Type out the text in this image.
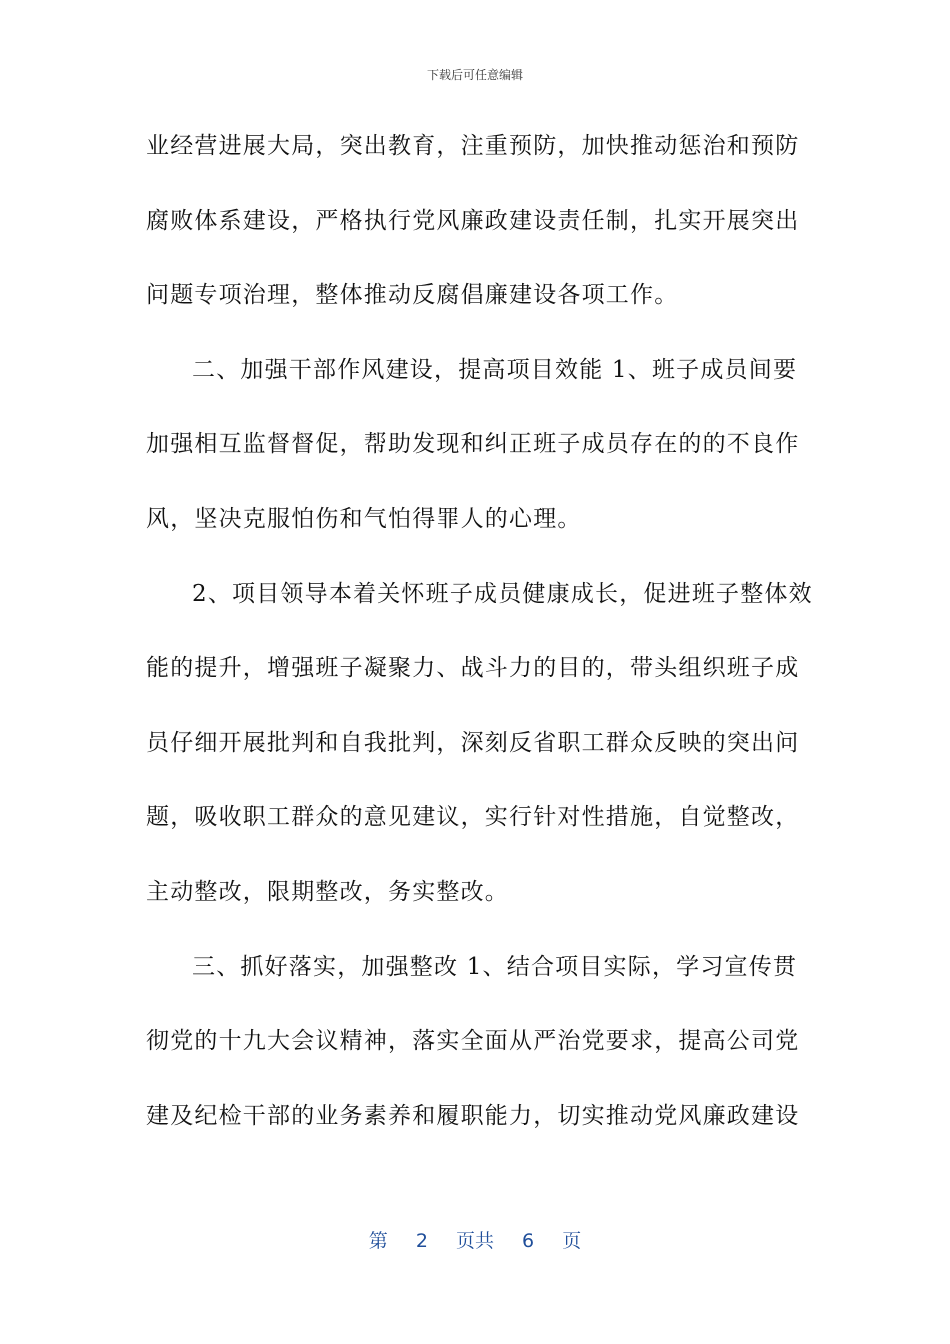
下载后可任意编辑
业经营进展大局，突出教育，注重预防，加快推动惩治和预防
腐败体系建设，严格执行党风廉政建设责任制，扎实开展突出
问题专项治理，整体推动反腐倡廉建设各项工作。
二、加强干部作风建设，提高项目效能 1、班子成员间要
加强相互监督督促，帮助发现和纠正班子成员存在的的不良作
风，坚决克服怕伤和气怕得罪人的心理。
2、项目领导本着关怀班子成员健康成长，促进班子整体效
能的提升，增强班子凝聚力、战斗力的目的，带头组织班子成
员仔细开展批判和自我批判，深刻反省职工群众反映的突出问
题，吸收职工群众的意见建议，实行针对性措施，自觉整改，
主动整改，限期整改，务实整改。
三、抓好落实，加强整改 1、结合项目实际，学习宣传贯
彻党的十九大会议精神，落实全面从严治党要求，提高公司党
建及纪检干部的业务素养和履职能力，切实推动党风廉政建设
第 2 页共 6 页
